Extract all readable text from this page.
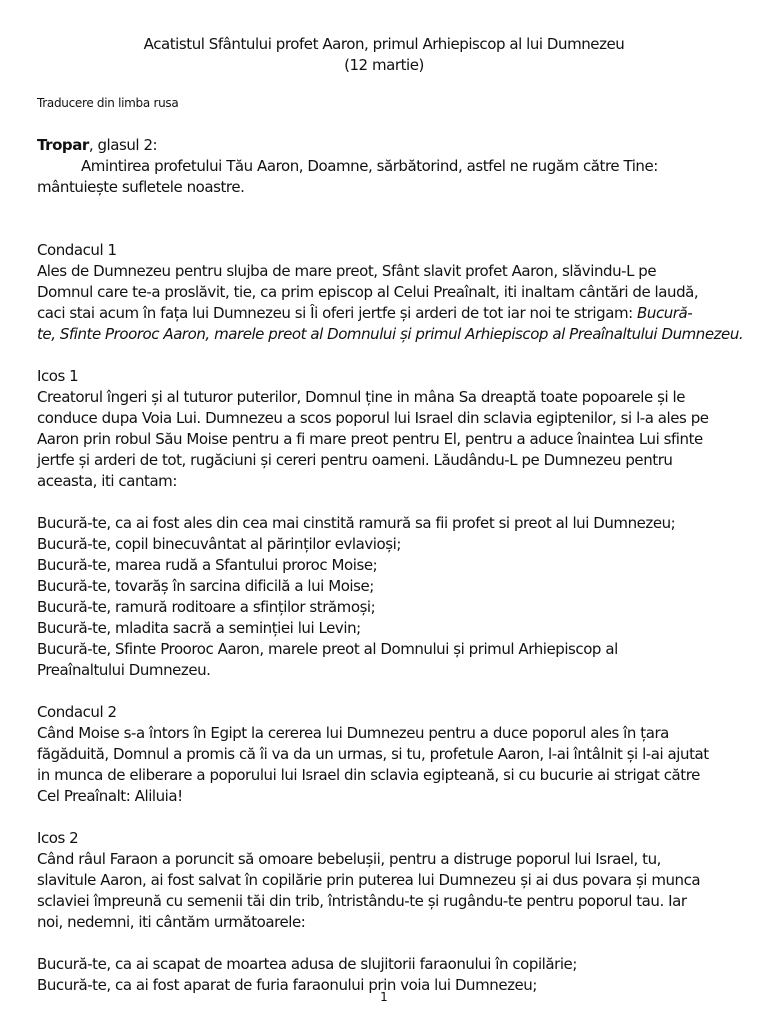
Acatistul Sfântului profet Aaron, primul Arhiepiscop al lui Dumnezeu
(12 martie)
Traducere din limba rusa
Tropar, glasul 2:
Amintirea profetului Tău Aaron, Doamne, sărbătorind, astfel ne rugăm către Tine:
mântuiește sufletele noastre.
Condacul 1
Ales de Dumnezeu pentru slujba de mare preot, Sfânt slavit profet Aaron, slăvindu-L pe
Domnul care te-a proslăvit, tie, ca prim episcop al Celui Preaînalt, iti inaltam cântări de laudă,
caci stai acum în fața lui Dumnezeu si Îi oferi jertfe și arderi de tot iar noi te strigam: Bucură-
te, Sfinte Prooroc Aaron, marele preot al Domnului și primul Arhiepiscop al Preaînaltului Dumnezeu.
Icos 1
Creatorul îngeri și al tuturor puterilor, Domnul ține in mâna Sa dreaptă toate popoarele și le
conduce dupa Voia Lui. Dumnezeu a scos poporul lui Israel din sclavia egiptenilor, si l-a ales pe
Aaron prin robul Său Moise pentru a fi mare preot pentru El, pentru a aduce înaintea Lui sfinte
jertfe și arderi de tot, rugăciuni și cereri pentru oameni. Lăudându-L pe Dumnezeu pentru
aceasta, iti cantam:
Bucură-te, ca ai fost ales din cea mai cinstită ramură sa fii profet si preot al lui Dumnezeu;
Bucură-te, copil binecuvântat al părinților evlavioși;
Bucură-te, marea rudă a Sfantului proroc Moise;
Bucură-te, tovarăș în sarcina dificilă a lui Moise;
Bucură-te, ramură roditoare a sfinților strămoși;
Bucură-te, mladita sacră a seminției lui Levin;
Bucură-te, Sfinte Prooroc Aaron, marele preot al Domnului și primul Arhiepiscop al
Preaînaltului Dumnezeu.
Condacul 2
Când Moise s-a întors în Egipt la cererea lui Dumnezeu pentru a duce poporul ales în țara
făgăduită, Domnul a promis că îi va da un urmas, si tu, profetule Aaron, l-ai întâlnit și l-ai ajutat
in munca de eliberare a poporului lui Israel din sclavia egipteană, si cu bucurie ai strigat către
Cel Preaînalt: Aliluia!
Icos 2
Când râul Faraon a poruncit să omoare bebelușii, pentru a distruge poporul lui Israel, tu,
slavitule Aaron, ai fost salvat în copilărie prin puterea lui Dumnezeu și ai dus povara și munca
sclaviei împreună cu semenii tăi din trib, întristându-te și rugându-te pentru poporul tau. Iar
noi, nedemni, iti cântăm următoarele:
Bucură-te, ca ai scapat de moartea adusa de slujitorii faraonului în copilărie;
Bucură-te, ca ai fost aparat de furia faraonului prin voia lui Dumnezeu;
1
